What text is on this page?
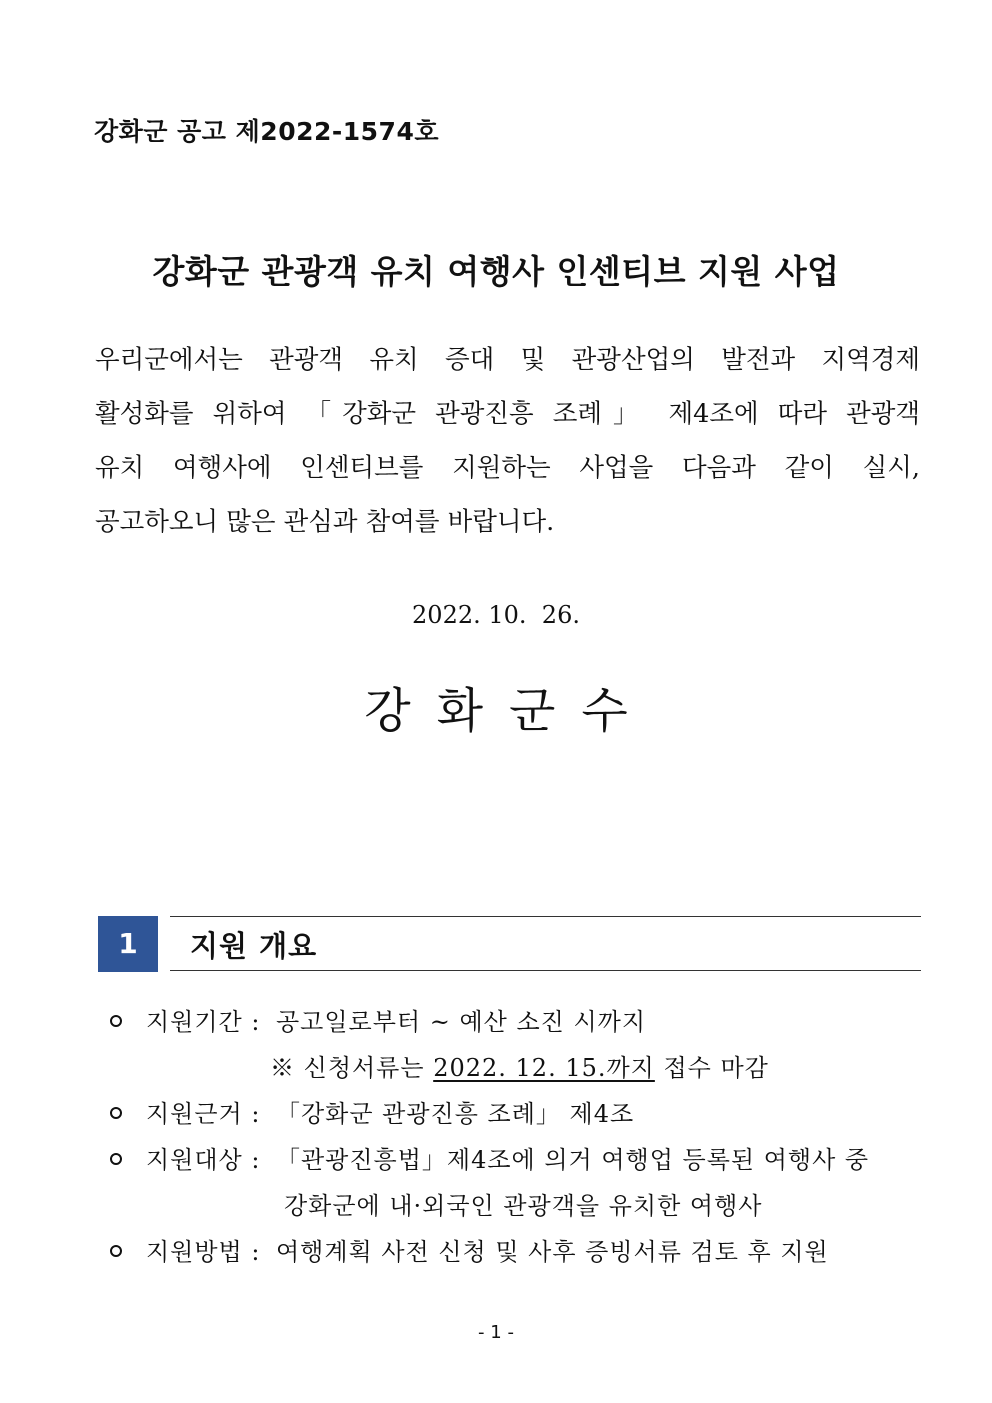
강화군 공고 제2022-1574호
강화군 관광객 유치 여행사 인센티브 지원 사업
우리군에서는 관광객 유치 증대 및 관광산업의 발전과 지역경제
활성화를 위하여 「강화군 관광진흥 조례」 제4조에 따라 관광객
유치 여행사에 인센티브를 지원하는 사업을 다음과 같이 실시,
공고하오니 많은 관심과 참여를 바랍니다.
2022. 10.  26.
강화군수
1	지원 개요
지원기간 : 공고일로부터 ~ 예산 소진 시까지
※ 신청서류는 2022. 12. 15.까지 접수 마감
지원근거 : 「강화군 관광진흥 조례」 제4조
지원대상 : 「관광진흥법」제4조에 의거 여행업 등록된 여행사 중
강화군에 내·외국인 관광객을 유치한 여행사
지원방법 : 여행계획 사전 신청 및 사후 증빙서류 검토 후 지원
- 1 -
